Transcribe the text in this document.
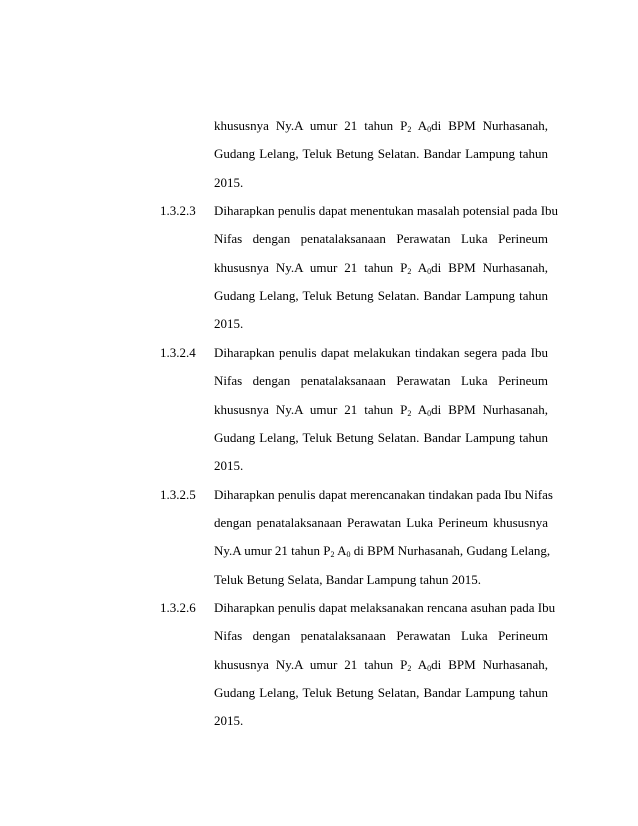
khususnya Ny.A umur 21 tahun $P_2$ $A_0di$ BPM Nurhasanah,
Gudang Lelang, Teluk Betung Selatan. Bandar Lampung tahun
2015.
1.3.2.3 Diharapkan penulis dapat menentukan masalah potensial pada Ibu
Nifas dengan penatalaksanaan Perawatan Luka Perineum
khususnya Ny.A umur 21 tahun $P_2$ $A_0di$ BPM Nurhasanah,
Gudang Lelang, Teluk Betung Selatan. Bandar Lampung tahun
2015.
1.3.2.4 Diharapkan penulis dapat melakukan tindakan segera pada Ibu
Nifas dengan penatalaksanaan Perawatan Luka Perineum
khususnya Ny.A umur 21 tahun $P_2$ $A_0di$ BPM Nurhasanah,
Gudang Lelang, Teluk Betung Selatan. Bandar Lampung tahun
2015.
1.3.2.5 Diharapkan penulis dapat merencanakan tindakan pada Ibu Nifas
dengan penatalaksanaan Perawatan Luka Perineum khususnya
Ny.A umur 21 tahun $P_2$ $A_0$ di BPM Nurhasanah, Gudang Lelang,
Teluk Betung Selata, Bandar Lampung tahun 2015.
1.3.2.6 Diharapkan penulis dapat melaksanakan rencana asuhan pada Ibu
Nifas dengan penatalaksanaan Perawatan Luka Perineum
khususnya Ny.A umur 21 tahun $P_2$ $A_0di$ BPM Nurhasanah,
Gudang Lelang, Teluk Betung Selatan, Bandar Lampung tahun
2015.
